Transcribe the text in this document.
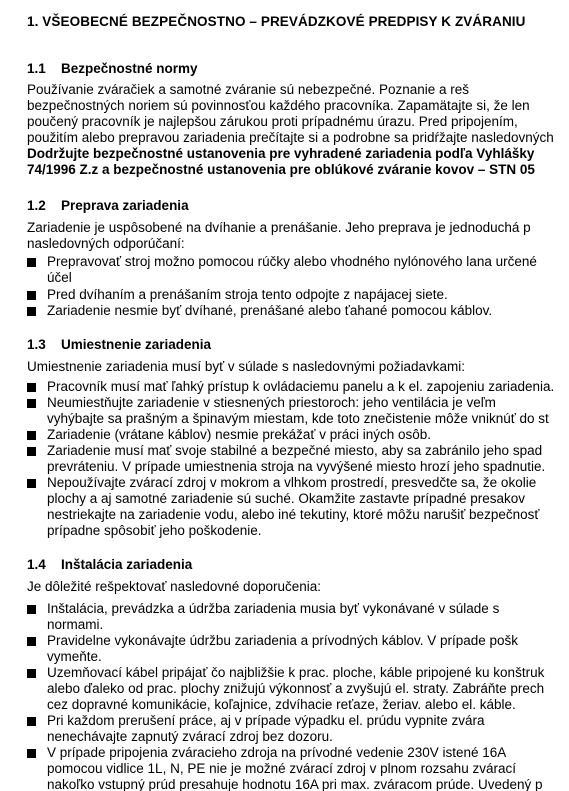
1. VŠEOBECNÉ BEZPEČNOSTNO – PREVÁDZKOVÉ PREDPISY K ZVÁRANIU
1.1 Bezpečnostné normy
Používanie zváračiek a samotné zváranie sú nebezpečné. Poznanie a reš
bezpečnostných noriem sú povinnosťou každého pracovníka. Zapamätajte si, že len
poučený pracovník je najlepšou zárukou proti prípadnému úrazu. Pred pripojením,
použitím alebo prepravou zariadenia prečítajte si a podrobne sa pridŕžajte nasledovných
Dodržujte bezpečnostné ustanovenia pre vyhradené zariadenia podľa Vyhlášky
74/1996 Z.z a bezpečnostné ustanovenia pre oblúkové zváranie kovov – STN 05
1.2 Preprava zariadenia
Zariadenie je uspôsobené na dvíhanie a prenášanie. Jeho preprava je jednoduchá p
nasledovných odporúčaní:
Prepravovať stroj možno pomocou rúčky alebo vhodného nylónového lana určené
účel
Pred dvíhaním a prenášaním stroja tento odpojte z napájacej siete.
Zariadenie nesmie byť dvíhané, prenášané alebo ťahané pomocou káblov.
1.3 Umiestnenie zariadenia
Umiestnenie zariadenia musí byť v súlade s nasledovnými požiadavkami:
Pracovník musí mať ľahký prístup k ovládaciemu panelu a k el. zapojeniu zariadenia.
Neumiestňujte zariadenie v stiesnených priestoroch: jeho ventilácia je veľm
vyhýbajte sa prašným a špinavým miestam, kde toto znečistenie môže vniknúť do st
Zariadenie (vrátane káblov) nesmie prekážať v práci iných osôb.
Zariadenie musí mať svoje stabilné a bezpečné miesto, aby sa zabránilo jeho spad
prevráteniu. V prípade umiestnenia stroja na vyvýšené miesto hrozí jeho spadnutie.
Nepoužívajte zvárací zdroj v mokrom a vlhkom prostredí, presvedčte sa, že okolie
plochy a aj samotné zariadenie sú suché. Okamžite zastavte prípadné presakov
nestriekajte na zariadenie vodu, alebo iné tekutiny, ktoré môžu narušiť bezpečnosť
prípadne spôsobiť jeho poškodenie.
1.4 Inštalácia zariadenia
Je dôležité rešpektovať nasledovné doporučenia:
Inštalácia, prevádzka a údržba zariadenia musia byť vykonávané v súlade s
normami.
Pravidelne vykonávajte údržbu zariadenia a prívodných káblov. V prípade pošk
vymeňte.
Uzemňovací kábel pripájať čo najbližšie k prac. ploche, káble pripojené ku konštruk
alebo ďaleko od prac. plochy znižujú výkonnosť a zvyšujú el. straty. Zabráňte prech
cez dopravné komunikácie, koľajnice, zdvíhacie reťaze, žeriav. alebo el. káble.
Pri každom prerušení práce, aj v prípade výpadku el. prúdu vypnite zvára
nenechávajte zapnutý zvárací zdroj bez dozoru.
V prípade pripojenia zváracieho zdroja na prívodné vedenie 230V istené 16A
pomocou vidlice 1L, N, PE nie je možné zvárací zdroj v plnom rozsahu zvárací
nakoľko vstupný prúd presahuje hodnotu 16A pri max. zváracom prúde. Uvedený p
